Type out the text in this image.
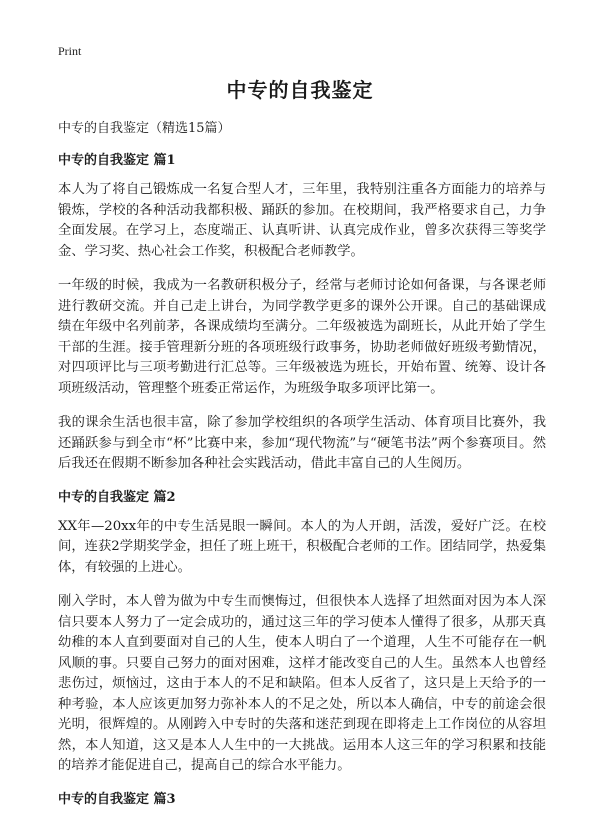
Print
中专的自我鉴定

中专的自我鉴定（精选15篇）

中专的自我鉴定 篇1

本人为了将自己锻炼成一名复合型人才，三年里，我特别注重各方面能力的培养与锻炼，学校的各种活动我都积极、踊跃的参加。在校期间，我严格要求自己，力争全面发展。在学习上，态度端正、认真听讲、认真完成作业，曾多次获得三等奖学金、学习奖、热心社会工作奖，积极配合老师教学。

一年级的时候，我成为一名教研积极分子，经常与老师讨论如何备课，与各课老师进行教研交流。并自己走上讲台，为同学教学更多的课外公开课。自己的基础课成绩在年级中名列前茅，各课成绩均至满分。二年级被选为副班长，从此开始了学生干部的生涯。接手管理新分班的各项班级行政事务，协助老师做好班级考勤情况，对四项评比与三项考勤进行汇总等。三年级被选为班长，开始布置、统筹、设计各项班级活动，管理整个班委正常运作，为班级争取多项评比第一。

我的课余生活也很丰富，除了参加学校组织的各项学生活动、体育项目比赛外，我还踊跃参与到全市“杯”比赛中来，参加“现代物流”与“硬笔书法”两个参赛项目。然后我还在假期不断参加各种社会实践活动，借此丰富自己的人生阅历。

中专的自我鉴定 篇2

XX年—20xx年的中专生活晃眼一瞬间。本人的为人开朗，活泼，爱好广泛。在校间，连获2学期奖学金，担任了班上班干，积极配合老师的工作。团结同学，热爱集体，有较强的上进心。

刚入学时，本人曾为做为中专生而懊悔过，但很快本人选择了坦然面对因为本人深信只要本人努力了一定会成功的，通过这三年的学习使本人懂得了很多，从那天真幼稚的本人直到要面对自己的人生，使本人明白了一个道理，人生不可能存在一帆风顺的事。只要自己努力的面对困难，这样才能改变自己的人生。虽然本人也曾经悲伤过，烦恼过，这由于本人的不足和缺陷。但本人反省了，这只是上天给予的一种考验，本人应该更加努力弥补本人的不足之处，所以本人确信，中专的前途会很光明，很辉煌的。从刚跨入中专时的失落和迷茫到现在即将走上工作岗位的从容坦然，本人知道，这又是本人人生中的一大挑战。运用本人这三年的学习积累和技能的培养才能促进自己，提高自己的综合水平能力。

中专的自我鉴定 篇3
